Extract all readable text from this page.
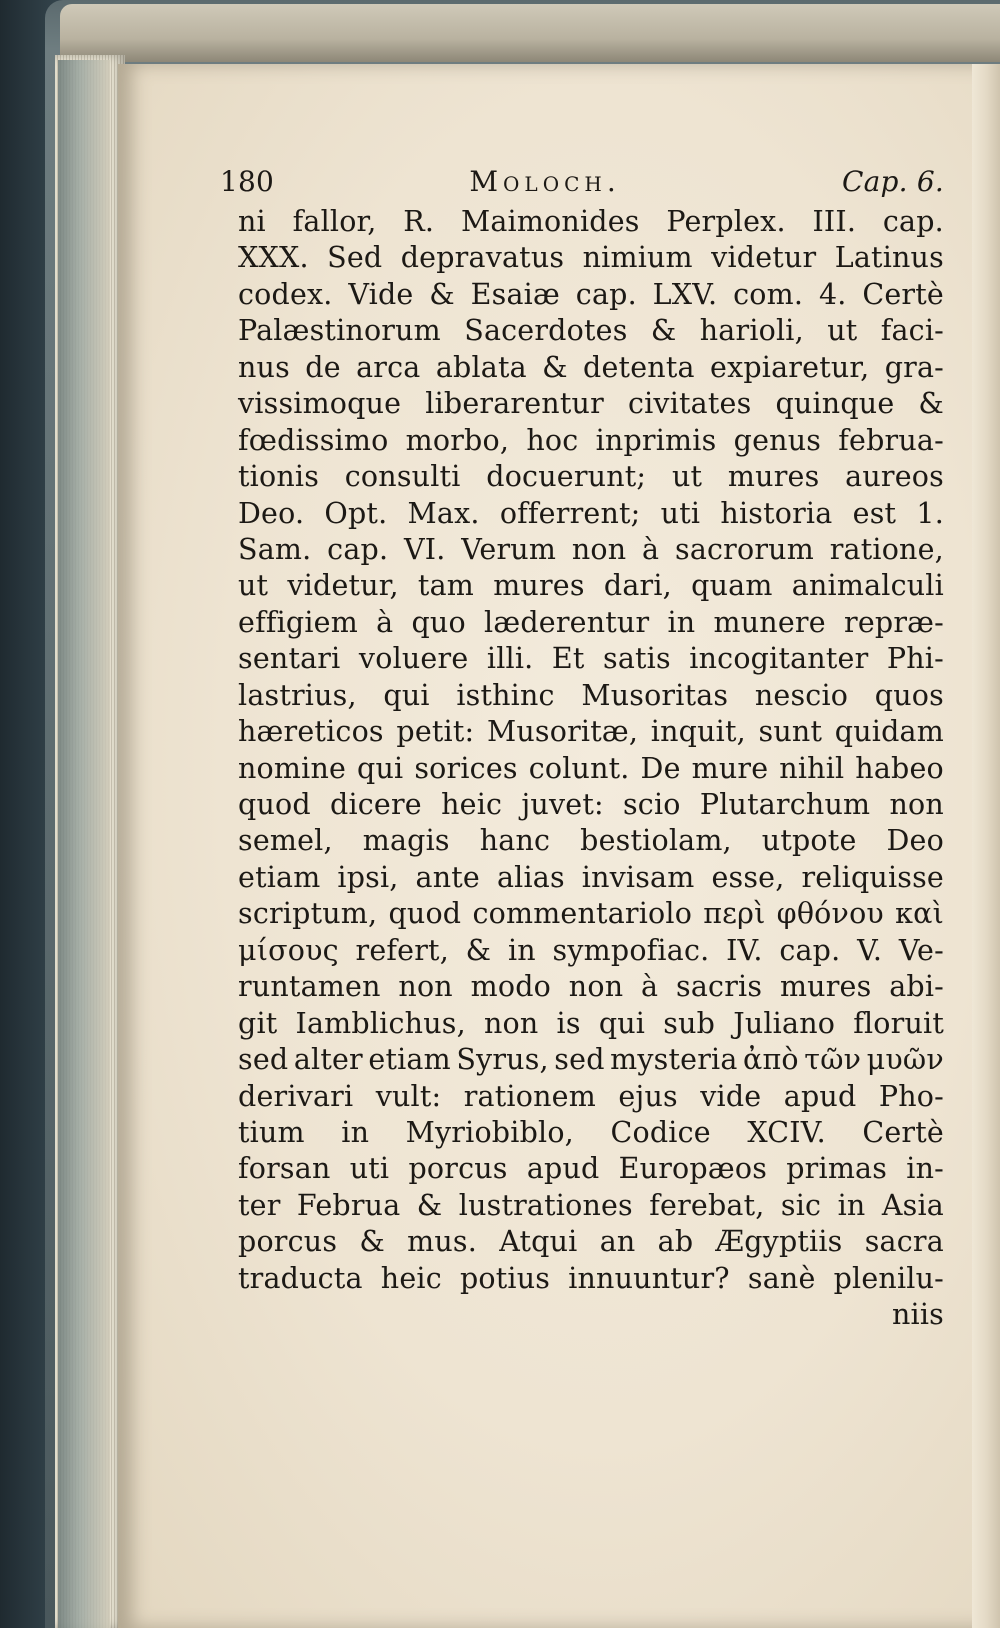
180	Moloch.	Cap. 6.
ni fallor, R. Maimonides Perplex. III. cap.
XXX. Sed depravatus nimium videtur Latinus
codex. Vide & Esaiæ cap. LXV. com. 4. Certè
Palæstinorum Sacerdotes & harioli, ut faci-
nus de arca ablata & detenta expiaretur, gra-
vissimoque liberarentur civitates quinque &
fœdissimo morbo, hoc inprimis genus februa-
tionis consulti docuerunt; ut mures aureos
Deo. Opt. Max. offerrent; uti historia est 1.
Sam. cap. VI. Verum non à sacrorum ratione,
ut videtur, tam mures dari, quam animalculi
effigiem à quo læderentur in munere repræ-
sentari voluere illi. Et satis incogitanter Phi-
lastrius, qui isthinc Musoritas nescio quos
hæreticos petit: Musoritæ, inquit, sunt quidam
nomine qui sorices colunt. De mure nihil habeo
quod dicere heic juvet: scio Plutarchum non
semel, magis hanc bestiolam, utpote Deo
etiam ipsi, ante alias invisam esse, reliquisse
scriptum, quod commentariolo περὶ φθόνου καὶ
μίσους refert, & in sympofiac. IV. cap. V. Ve-
runtamen non modo non à sacris mures abi-
git Iamblichus, non is qui sub Juliano floruit
sed alter etiam Syrus, sed mysteria ἀπὸ τῶν μυῶν
derivari vult: rationem ejus vide apud Pho-
tium in Myriobiblo, Codice XCIV. Certè
forsan uti porcus apud Europæos primas in-
ter Februa & lustrationes ferebat, sic in Asia
porcus & mus. Atqui an ab Ægyptiis sacra
traducta heic potius innuuntur? sanè plenilu-
niis
